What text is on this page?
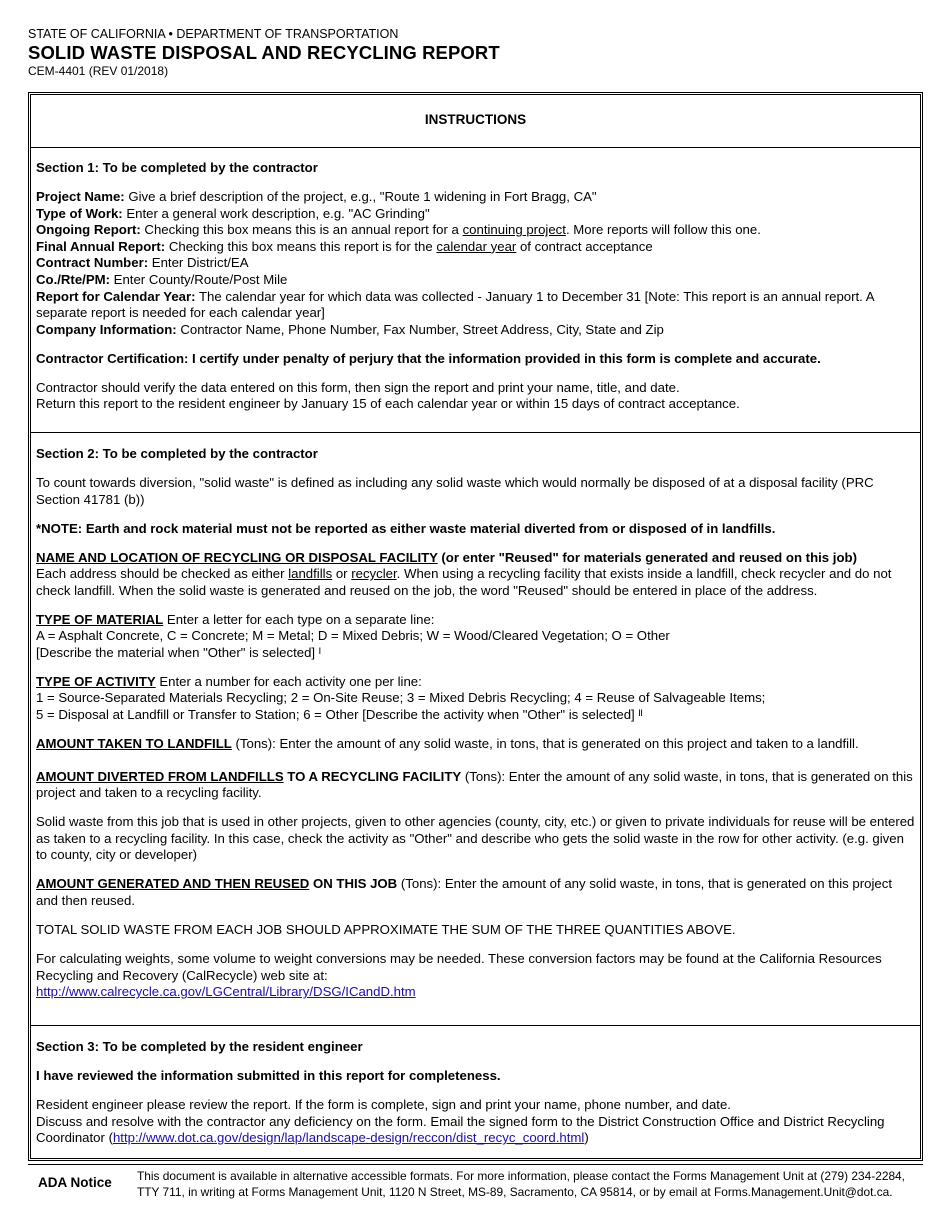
STATE OF CALIFORNIA • DEPARTMENT OF TRANSPORTATION
SOLID WASTE DISPOSAL AND RECYCLING REPORT
CEM-4401 (REV 01/2018)
INSTRUCTIONS

Section 1: To be completed by the contractor

Project Name: Give a brief description of the project, e.g., "Route 1 widening in Fort Bragg, CA"

Type of Work: Enter a general work description, e.g. "AC Grinding"

Ongoing Report: Checking this box means this is an annual report for a continuing project. More reports will follow this one.

Final Annual Report: Checking this box means this report is for the calendar year of contract acceptance

Contract Number: Enter District/EA

Co./Rte/PM: Enter County/Route/Post Mile

Report for Calendar Year: The calendar year for which data was collected - January 1 to December 31 [Note: This report is an annual report. A separate report is needed for each calendar year]

Company Information: Contractor Name, Phone Number, Fax Number, Street Address, City, State and Zip

Contractor Certification: I certify under penalty of perjury that the information provided in this form is complete and accurate.

Contractor should verify the data entered on this form, then sign the report and print your name, title, and date.

Return this report to the resident engineer by January 15 of each calendar year or within 15 days of contract acceptance.

Section 2: To be completed by the contractor

To count towards diversion, "solid waste" is defined as including any solid waste which would normally be disposed of at a disposal facility (PRC Section 41781 (b))

*NOTE: Earth and rock material must not be reported as either waste material diverted from or disposed of in landfills.

NAME AND LOCATION OF RECYCLING OR DISPOSAL FACILITY (or enter "Reused" for materials generated and reused on this job)

Each address should be checked as either landfills or recycler. When using a recycling facility that exists inside a landfill, check recycler and do not check landfill. When the solid waste is generated and reused on the job, the word "Reused" should be entered in place of the address.

TYPE OF MATERIAL Enter a letter for each type on a separate line:

A = Asphalt Concrete, C = Concrete; M = Metal; D = Mixed Debris; W = Wood/Cleared Vegetation; O = Other

[Describe the material when "Other" is selected] ᴵ

TYPE OF ACTIVITY Enter a number for each activity one per line:

1 = Source-Separated Materials Recycling; 2 = On-Site Reuse; 3 = Mixed Debris Recycling; 4 = Reuse of Salvageable Items;

5 = Disposal at Landfill or Transfer to Station; 6 = Other [Describe the activity when "Other" is selected] ᴵᴵ

AMOUNT TAKEN TO LANDFILL (Tons): Enter the amount of any solid waste, in tons, that is generated on this project and taken to a landfill.

AMOUNT DIVERTED FROM LANDFILLS TO A RECYCLING FACILITY (Tons): Enter the amount of any solid waste, in tons, that is generated on this project and taken to a recycling facility.

Solid waste from this job that is used in other projects, given to other agencies (county, city, etc.) or given to private individuals for reuse will be entered as taken to a recycling facility. In this case, check the activity as "Other" and describe who gets the solid waste in the row for other activity. (e.g. given to county, city or developer)

AMOUNT GENERATED AND THEN REUSED ON THIS JOB (Tons): Enter the amount of any solid waste, in tons, that is generated on this project and then reused.

TOTAL SOLID WASTE FROM EACH JOB SHOULD APPROXIMATE THE SUM OF THE THREE QUANTITIES ABOVE.

For calculating weights, some volume to weight conversions may be needed. These conversion factors may be found at the California Resources Recycling and Recovery (CalRecycle) web site at:

http://www.calrecycle.ca.gov/LGCentral/Library/DSG/ICandD.htm

Section 3: To be completed by the resident engineer

I have reviewed the information submitted in this report for completeness.

Resident engineer please review the report. If the form is complete, sign and print your name, phone number, and date.

Discuss and resolve with the contractor any deficiency on the form. Email the signed form to the District Construction Office and District Recycling Coordinator (http://www.dot.ca.gov/design/lap/landscape-design/reccon/dist_recyc_coord.html)

ADA Notice This document is available in alternative accessible formats. For more information, please contact the Forms Management Unit at (279) 234-2284, TTY 711, in writing at Forms Management Unit, 1120 N Street, MS-89, Sacramento, CA 95814, or by email at Forms.Management.Unit@dot.ca.
